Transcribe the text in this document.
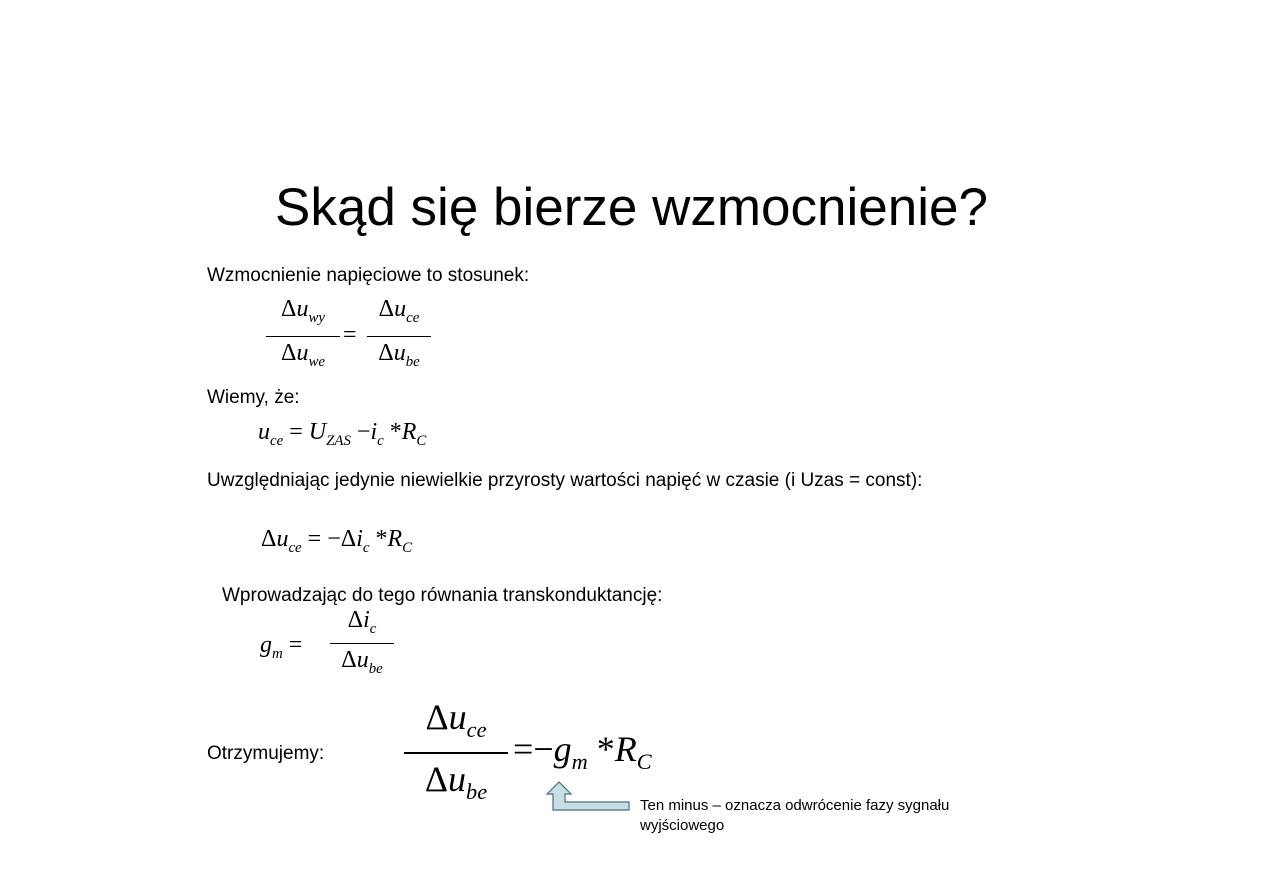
Skąd się bierze wzmocnienie?
Wzmocnienie napięciowe to stosunek:
$\Delta u_{wy}$
$\Delta u_{we}$
=
$\Delta u_{ce}$
$\Delta u_{be}$
Wiemy, że:
$u_{ce} = U_{ZAS} -i_c$ $*R_C$
Uwzględniając jedynie niewielkie przyrosty wartości napięć w czasie (i Uzas = const):
$\Delta u_{ce} = -\Delta i_c$ $*R_C$
Wprowadzając do tego równania transkonduktancję:
$g_m$ =
$\Delta i_c$
$\Delta u_{be}$
Otrzymujemy:
$\Delta u_{ce}$
$\Delta u_{be}$
$=-g_m$ $*R_C$
Ten minus – oznacza odwrócenie fazy sygnału
wyjściowego
